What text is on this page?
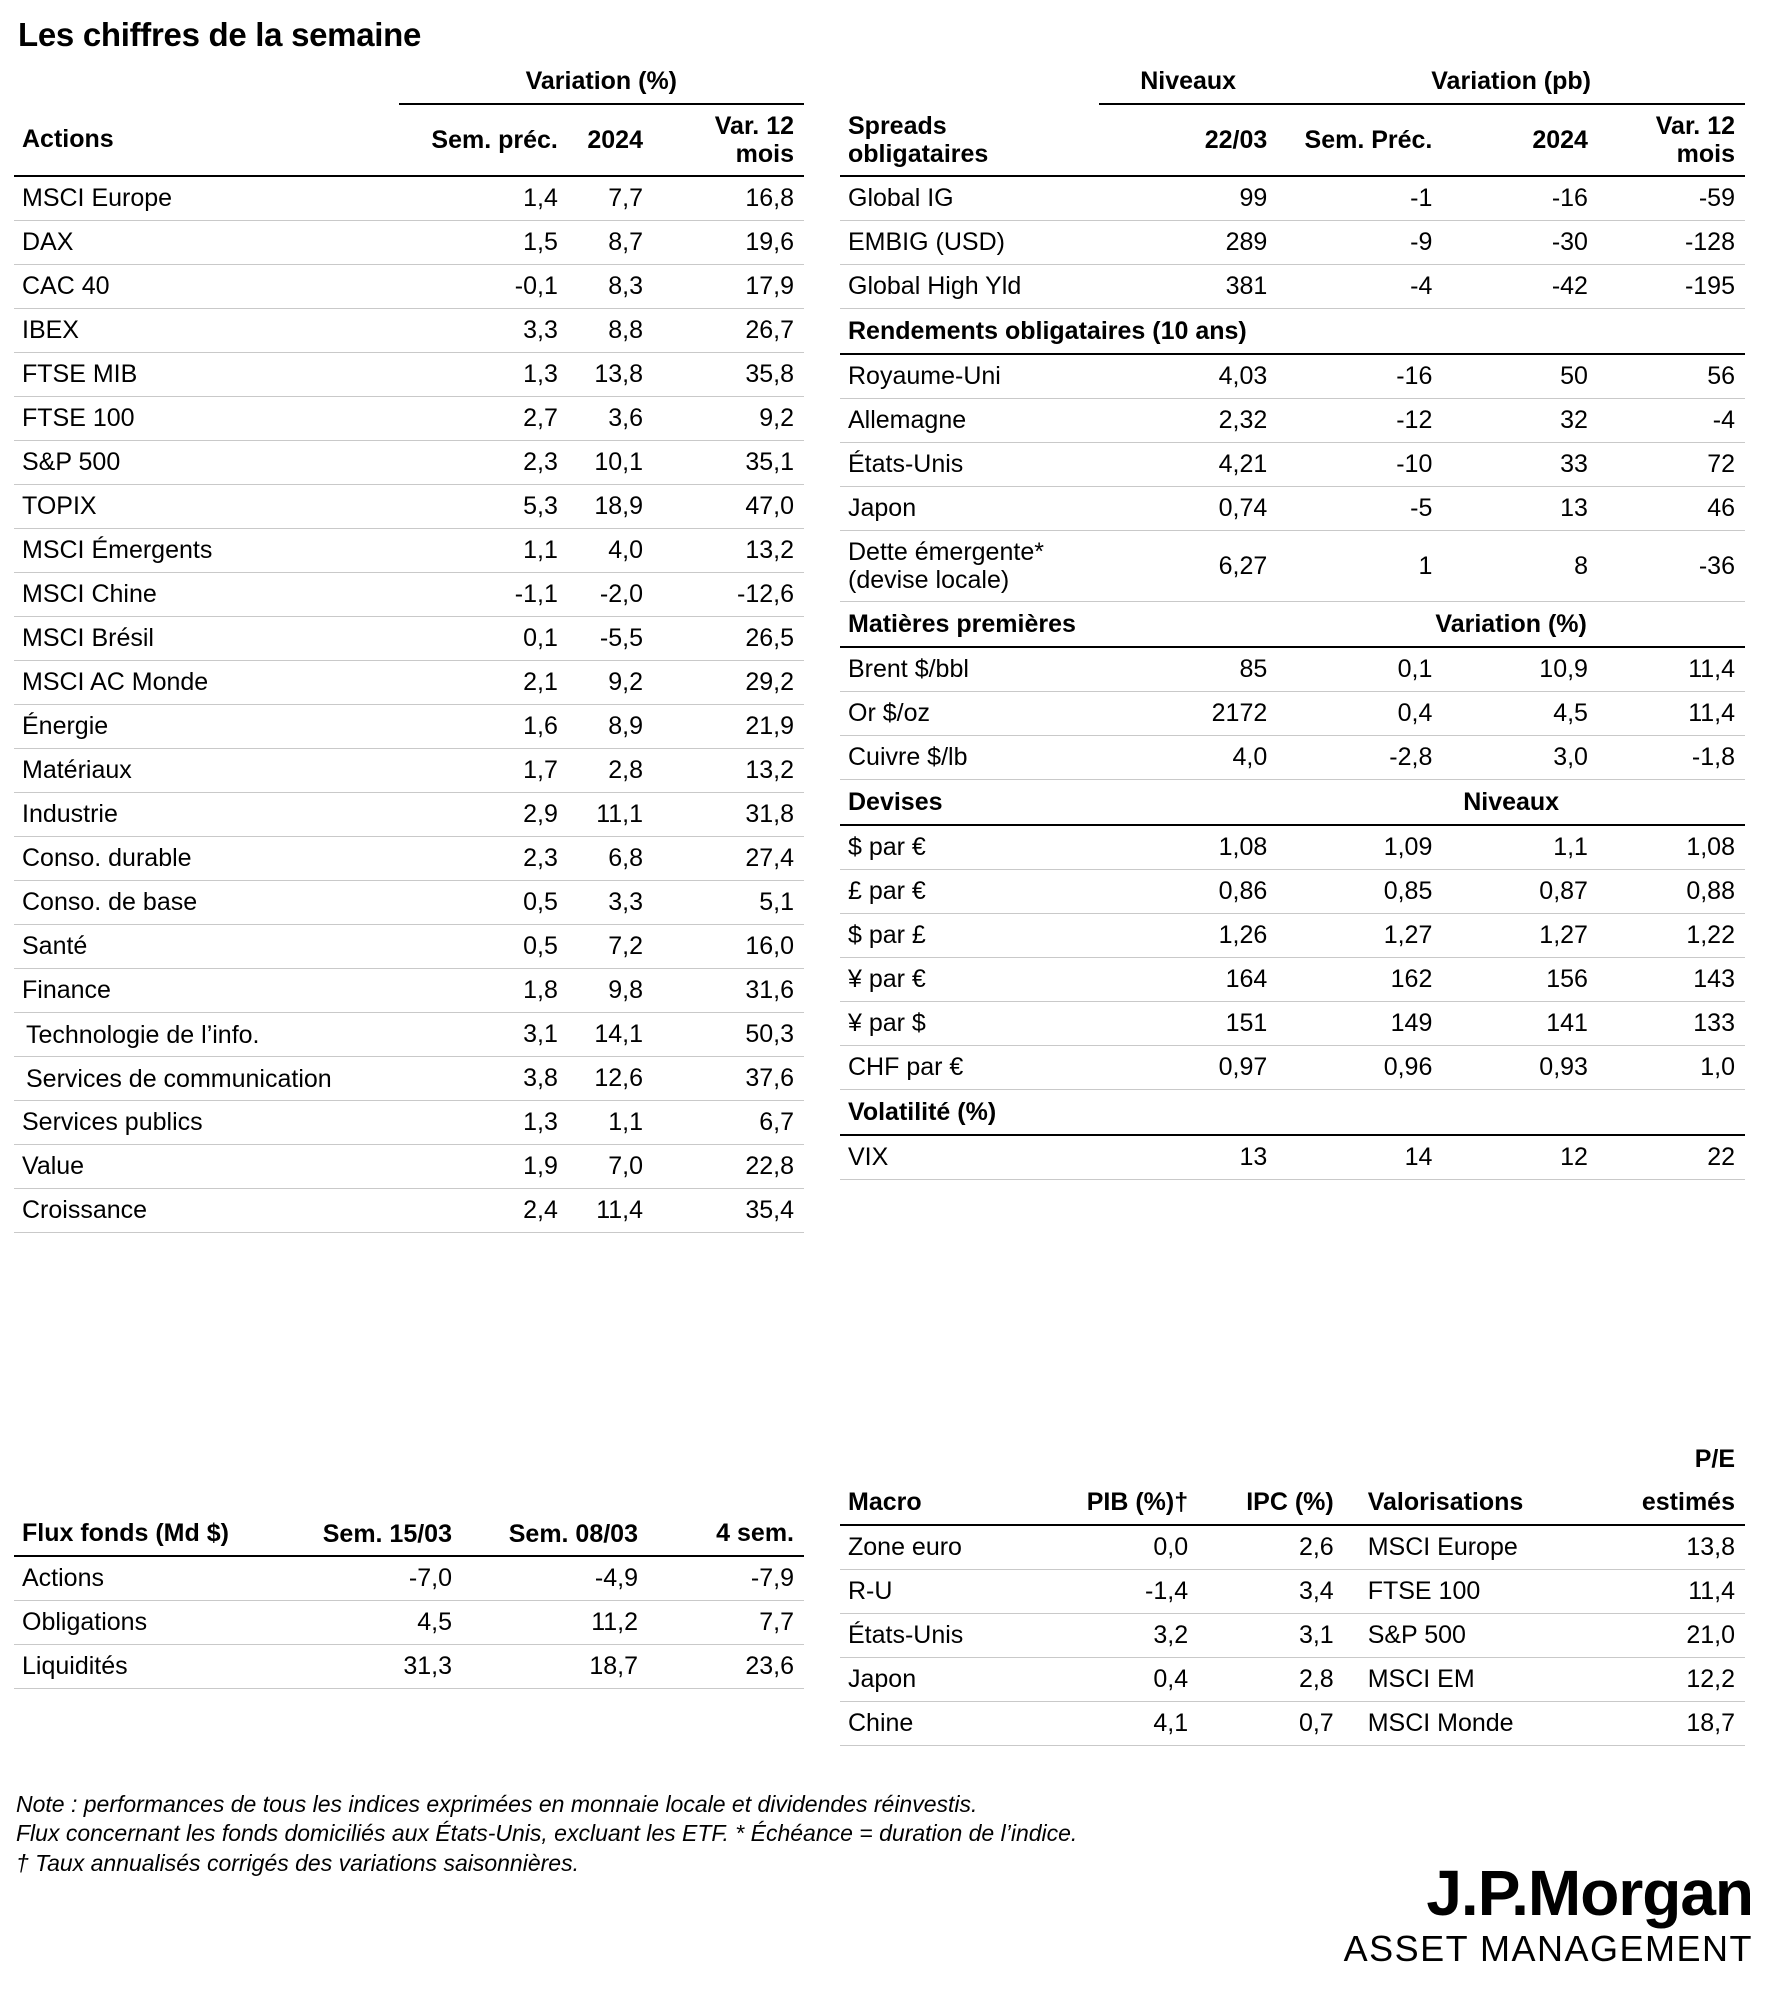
Les chiffres de la semaine
	Variation (%)		
Actions	Sem. préc.	2024	Var. 12 mois
MSCI Europe	1,4	7,7	16,8
DAX	1,5	8,7	19,6
CAC 40	-0,1	8,3	17,9
IBEX	3,3	8,8	26,7
FTSE MIB	1,3	13,8	35,8
FTSE 100	2,7	3,6	9,2
S&P 500	2,3	10,1	35,1
TOPIX	5,3	18,9	47,0
MSCI Émergents	1,1	4,0	13,2
MSCI Chine	-1,1	-2,0	-12,6
MSCI Brésil	0,1	-5,5	26,5
MSCI AC Monde	2,1	9,2	29,2
Énergie	1,6	8,9	21,9
Matériaux	1,7	2,8	13,2
Industrie	2,9	11,1	31,8
Conso. durable	2,3	6,8	27,4
Conso. de base	0,5	3,3	5,1
Santé	0,5	7,2	16,0
Finance	1,8	9,8	31,6
Technologie de l’info.	3,1	14,1	50,3
Services de communication	3,8	12,6	37,6
Services publics	1,3	1,1	6,7
Value	1,9	7,0	22,8
Croissance	2,4	11,4	35,4
Flux fonds (Md $)	Sem. 15/03	Sem. 08/03	4 sem.
Actions	-7,0	-4,9	-7,9
Obligations	4,5	11,2	7,7
Liquidités	31,3	18,7	23,6
	Niveaux	Variation (pb)		
Spreads obligataires	22/03	Sem. Préc.	2024	Var. 12 mois
Global IG	99	-1	-16	-59
EMBIG (USD)	289	-9	-30	-128
Global High Yld	381	-4	-42	-195
Rendements obligataires (10 ans)				
Royaume-Uni	4,03	-16	50	56
Allemagne	2,32	-12	32	-4
États-Unis	4,21	-10	33	72
Japon	0,74	-5	13	46
Dette émergente* (devise locale)	6,27	1	8	-36
Matières premières		Variation (%)		
Brent $/bbl	85	0,1	10,9	11,4
Or $/oz	2172	0,4	4,5	11,4
Cuivre $/lb	4,0	-2,8	3,0	-1,8
Devises		Niveaux		
$ par €	1,08	1,09	1,1	1,08
£ par €	0,86	0,85	0,87	0,88
$ par £	1,26	1,27	1,27	1,22
¥ par €	164	162	156	143
¥ par $	151	149	141	133
CHF par €	0,97	0,96	0,93	1,0
Volatilité (%)				
VIX	13	14	12	22
				P/E
Macro	PIB (%)†	IPC (%)	Valorisations	estimés
Zone euro	0,0	2,6	MSCI Europe	13,8
R-U	-1,4	3,4	FTSE 100	11,4
États-Unis	3,2	3,1	S&P 500	21,0
Japon	0,4	2,8	MSCI EM	12,2
Chine	4,1	0,7	MSCI Monde	18,7
Note : performances de tous les indices exprimées en monnaie locale et dividendes réinvestis.
Flux concernant les fonds domiciliés aux États-Unis, excluant les ETF. * Échéance = duration de l’indice.
† Taux annualisés corrigés des variations saisonnières.	J.P.Morgan
ASSET MANAGEMENT
